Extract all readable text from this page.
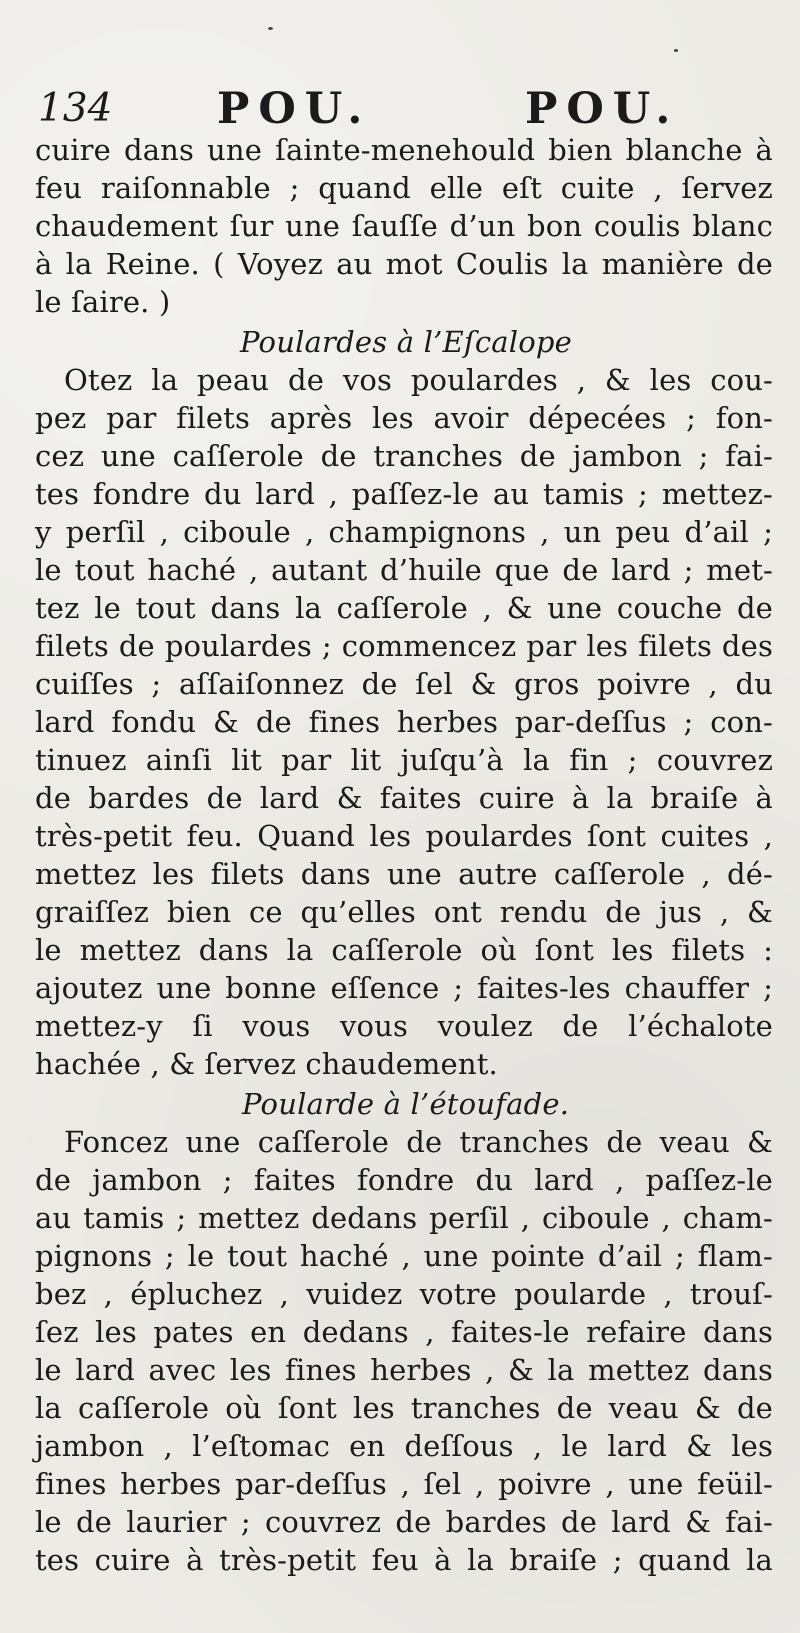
134 POU.	POU.
cuire dans une ſainte-menehould bien blanche à
feu raiſonnable ; quand elle eſt cuite , ſervez
chaudement ſur une ſauſſe d’un bon coulis blanc
à la Reine. ( Voyez au mot Coulis la manière de
le ſaire. )
Poulardes à l’Eſcalope
Otez la peau de vos poulardes , & les cou-
pez par filets après les avoir dépecées ; fon-
cez une caſſerole de tranches de jambon ; fai-
tes fondre du lard , paſſez-le au tamis ; mettez-
y perſil , ciboule , champignons , un peu d’ail ;
le tout haché , autant d’huile que de lard ; met-
tez le tout dans la caſſerole , & une couche de
filets de poulardes ; commencez par les filets des
cuiſſes ; aſſaiſonnez de ſel & gros poivre , du
lard fondu & de fines herbes par-deſſus ; con-
tinuez ainſi lit par lit juſqu’à la fin ; couvrez
de bardes de lard & faites cuire à la braiſe à
très-petit feu. Quand les poulardes ſont cuites ,
mettez les filets dans une autre caſſerole , dé-
graiſſez bien ce qu’elles ont rendu de jus , &
le mettez dans la caſſerole où ſont les filets :
ajoutez une bonne eſſence ; faites-les chauffer ;
mettez-y ſi vous vous voulez de l’échalote
hachée , & ſervez chaudement.
Poularde à l’étoufade.
Foncez une caſſerole de tranches de veau &
de jambon ; faites fondre du lard , paſſez-le
au tamis ; mettez dedans perſil , ciboule , cham-
pignons ; le tout haché , une pointe d’ail ; flam-
bez , épluchez , vuidez votre poularde , trouſ-
ſez les pates en dedans , faites-le refaire dans
le lard avec les fines herbes , & la mettez dans
la caſſerole où ſont les tranches de veau & de
jambon , l’eſtomac en deſſous , le lard & les
fines herbes par-deſſus , ſel , poivre , une feüil-
le de laurier ; couvrez de bardes de lard & fai-
tes cuire à très-petit feu à la braiſe ; quand la
